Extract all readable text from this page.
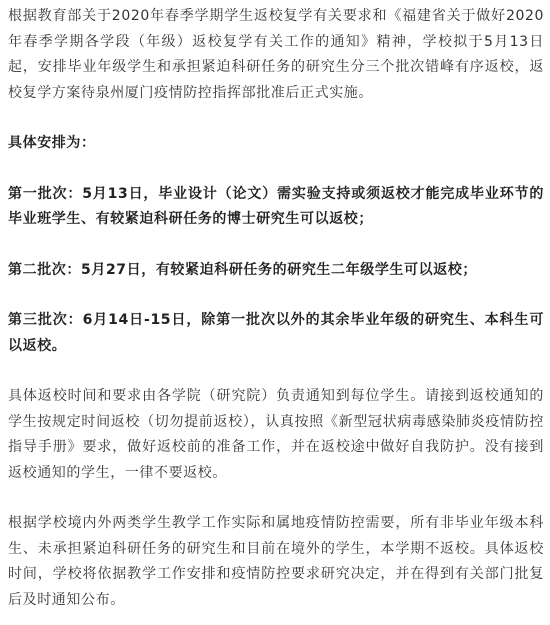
根据教育部关于2020年春季学期学生返校复学有关要求和《福建省关于做好2020年春季学期各学段（年级）返校复学有关工作的通知》精神，学校拟于5月13日起，安排毕业年级学生和承担紧迫科研任务的研究生分三个批次错峰有序返校，返校复学方案待泉州厦门疫情防控指挥部批准后正式实施。

具体安排为：

第一批次：5月13日，毕业设计（论文）需实验支持或须返校才能完成毕业环节的毕业班学生、有较紧迫科研任务的博士研究生可以返校；

第二批次：5月27日，有较紧迫科研任务的研究生二年级学生可以返校；

第三批次：6月14日-15日，除第一批次以外的其余毕业年级的研究生、本科生可以返校。

具体返校时间和要求由各学院（研究院）负责通知到每位学生。请接到返校通知的学生按规定时间返校（切勿提前返校），认真按照《新型冠状病毒感染肺炎疫情防控指导手册》要求，做好返校前的准备工作，并在返校途中做好自我防护。没有接到返校通知的学生，一律不要返校。

根据学校境内外两类学生教学工作实际和属地疫情防控需要，所有非毕业年级本科生、未承担紧迫科研任务的研究生和目前在境外的学生，本学期不返校。具体返校时间，学校将依据教学工作安排和疫情防控要求研究决定，并在得到有关部门批复后及时通知公布。
